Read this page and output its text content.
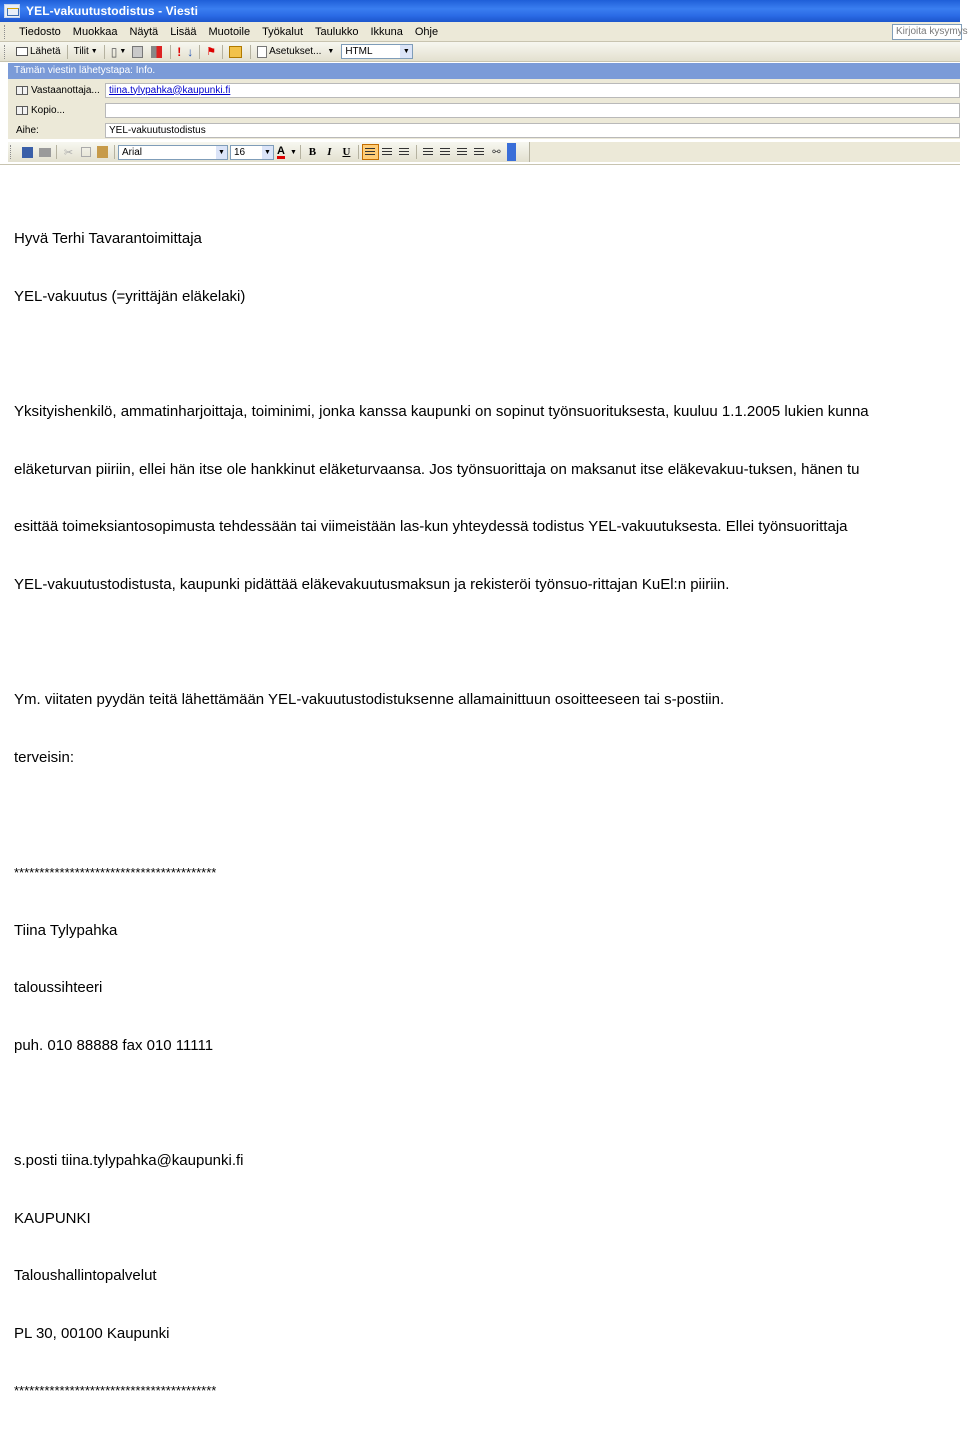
YEL-vakuutustodistus - Viesti
Tiedosto	Muokkaa	Näytä	Lisää	Muotoile	Työkalut	Taulukko	Ikkuna	Ohje	Kirjoita kysymys
Lähetä Tilit ▼ ▯ ▼	! ↓ ⚑	Asetukset... ▼	HTML	▼
Tämän viestin lähetystapa: Info.
Vastaanottaja... tiina.tylypahka@kaupunki.fi
Kopio...
Aihe:	YEL-vakuutustodistus
✂	Arial	▼ 16	▼ A ▼	B	I U	⚯

Hyvä Terhi Tavarantoimittaja

YEL-vakuutus (=yrittäjän eläkelaki)

Yksityishenkilö, ammatinharjoittaja, toiminimi, jonka kanssa kaupunki on sopinut työnsuorituksesta, kuuluu 1.1.2005 lukien kunna

eläketurvan piiriin, ellei hän itse ole hankkinut eläketurvaansa. Jos työnsuorittaja on maksanut itse eläkevakuu-tuksen, hänen tu

esittää toimeksiantosopimusta tehdessään tai viimeistään las-kun yhteydessä todistus YEL-vakuutuksesta. Ellei työnsuorittaja

YEL-vakuutustodistusta, kaupunki pidättää eläkevakuutusmaksun ja rekisteröi työnsuo-rittajan KuEl:n piiriin.

Ym. viitaten pyydän teitä lähettämään YEL-vakuutustodistuksenne allamainittuun osoitteeseen tai s-postiin.

terveisin:

****************************************

Tiina Tylypahka

taloussihteeri

puh. 010 88888 fax 010 11111

s.posti tiina.tylypahka@kaupunki.fi

KAUPUNKI

Taloushallintopalvelut

PL 30, 00100 Kaupunki

****************************************
